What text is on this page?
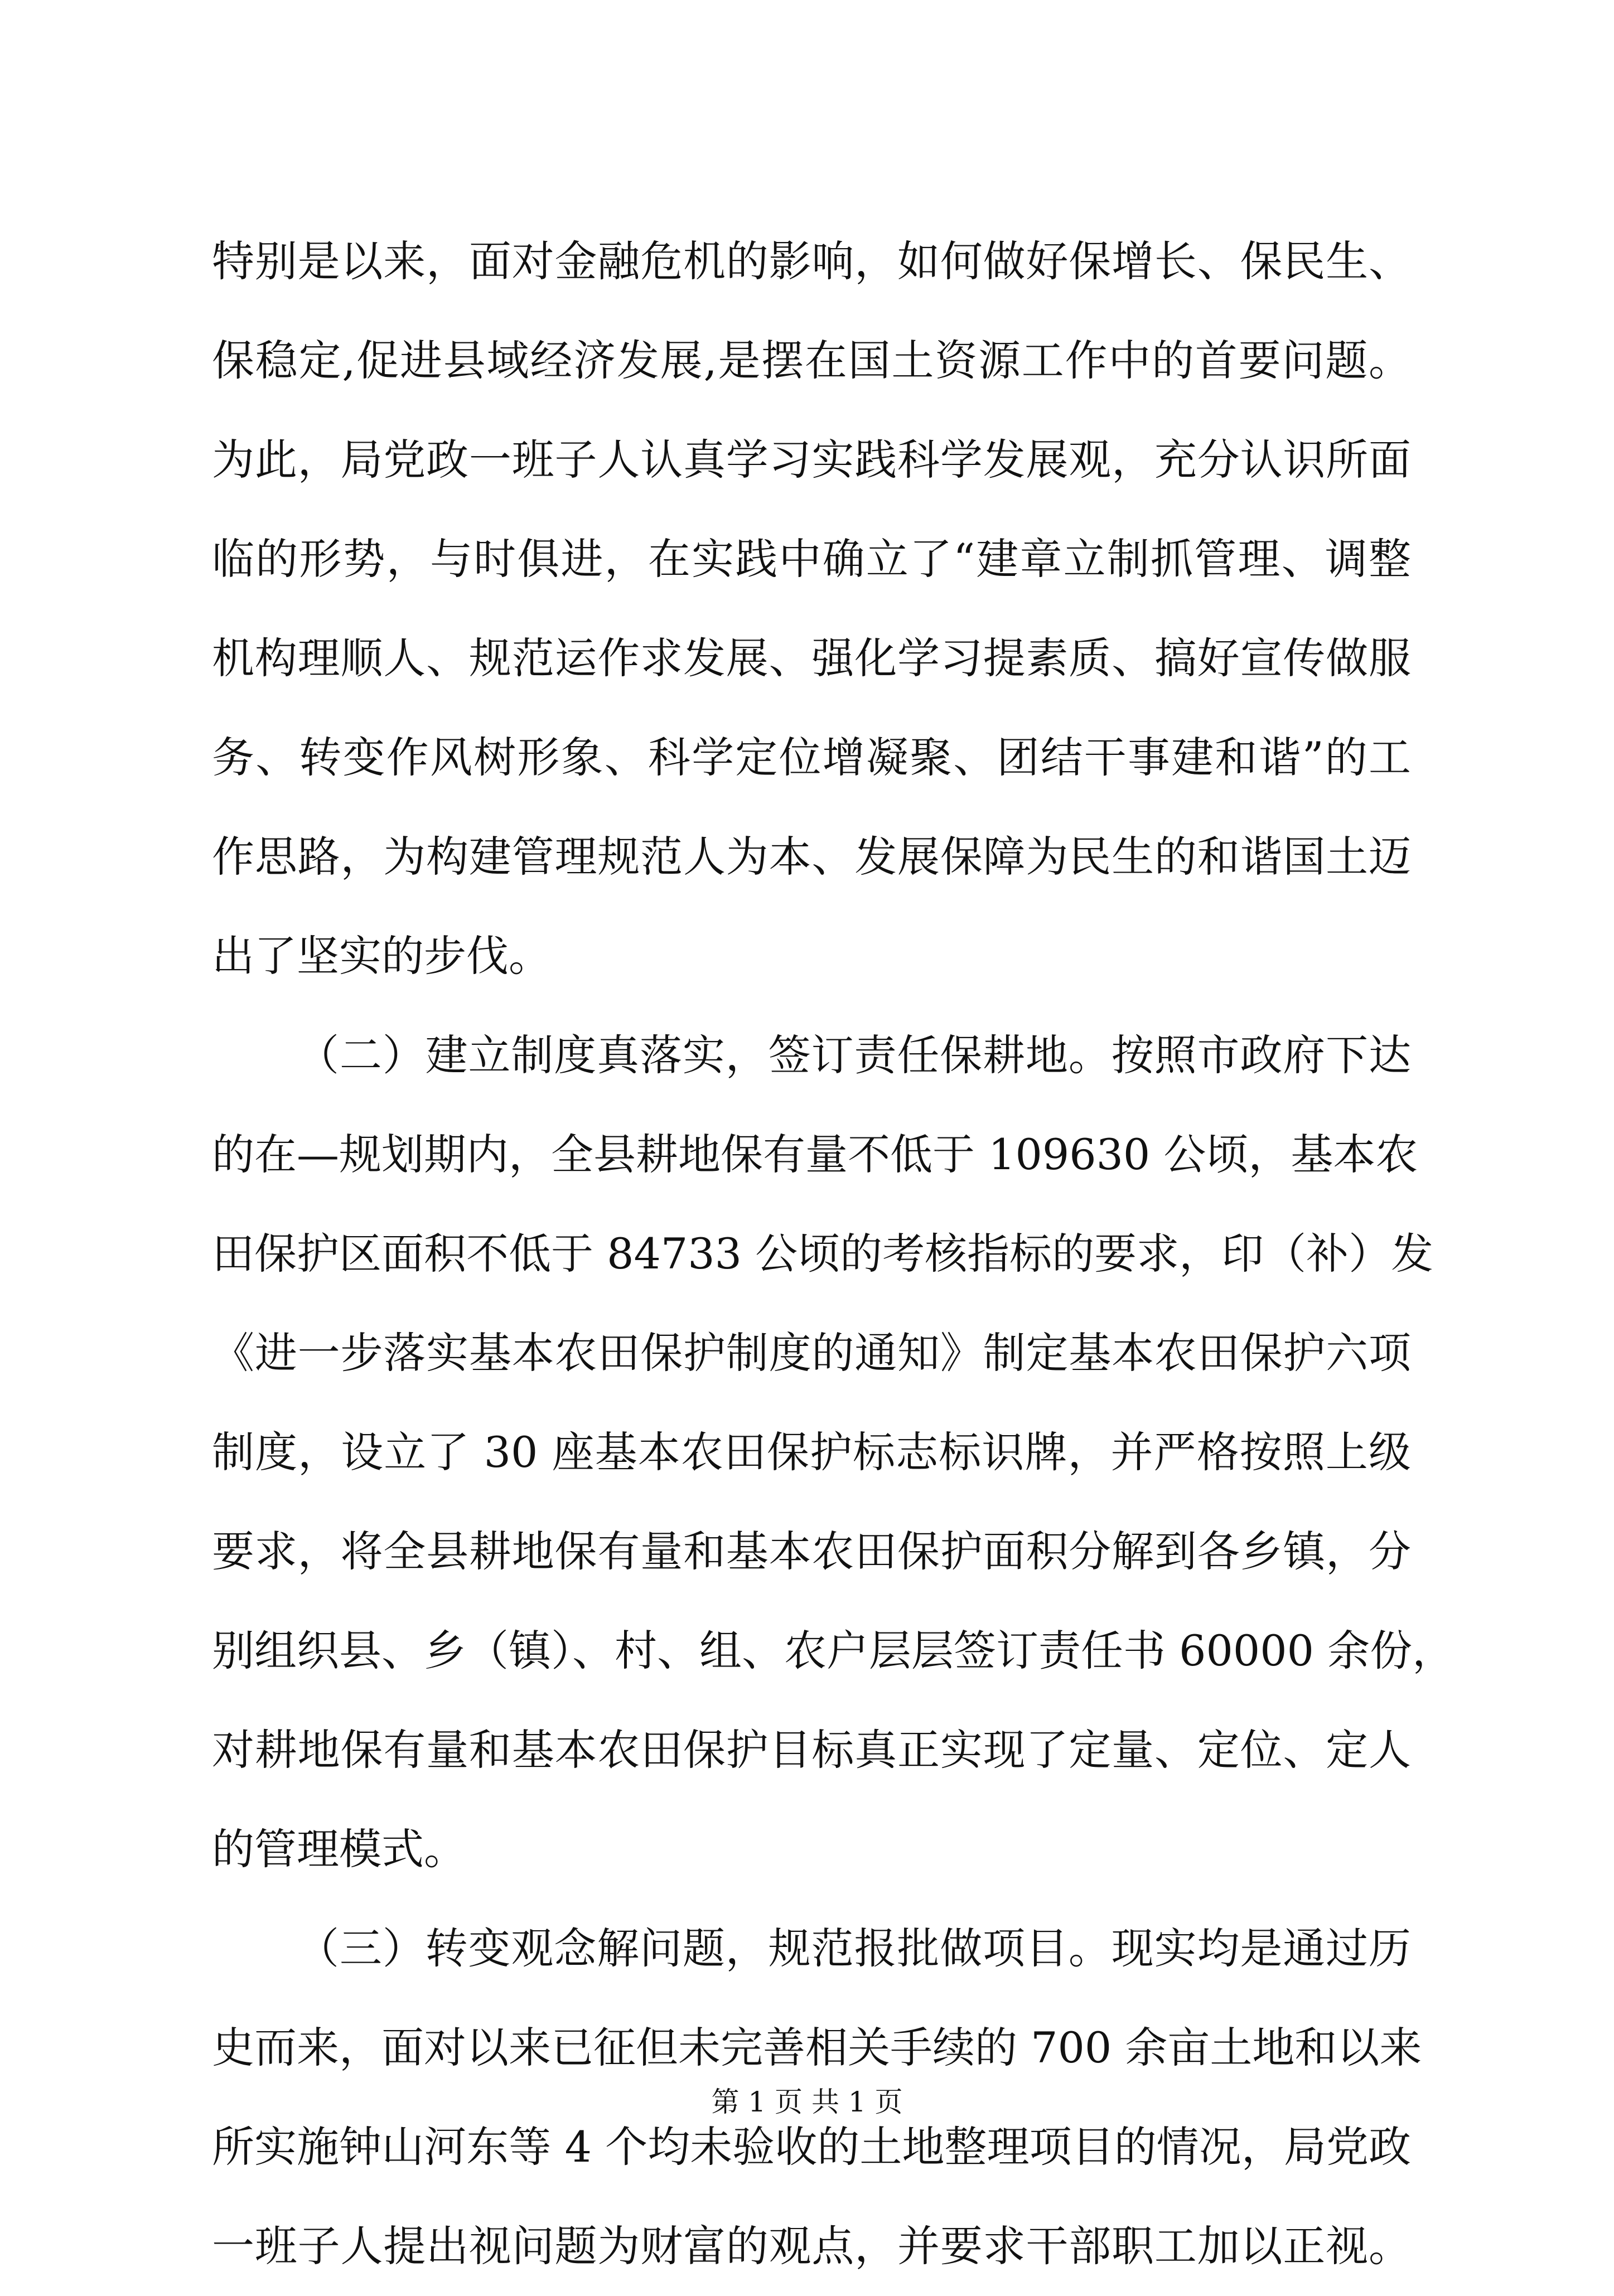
特别是以来，面对金融危机的影响，如何做好保增长、保民生、
保稳定,促进县域经济发展,是摆在国土资源工作中的首要问题。
为此，局党政一班子人认真学习实践科学发展观，充分认识所面
临的形势，与时俱进，在实践中确立了“建章立制抓管理、调整
机构理顺人、规范运作求发展、强化学习提素质、搞好宣传做服
务、转变作风树形象、科学定位增凝聚、团结干事建和谐”的工
作思路，为构建管理规范人为本、发展保障为民生的和谐国土迈
出了坚实的步伐。
（二）建立制度真落实，签订责任保耕地。按照市政府下达
的在—规划期内，全县耕地保有量不低于 109630 公顷，基本农
田保护区面积不低于 84733 公顷的考核指标的要求，印（补）发
《进一步落实基本农田保护制度的通知》制定基本农田保护六项
制度，设立了 30 座基本农田保护标志标识牌，并严格按照上级
要求，将全县耕地保有量和基本农田保护面积分解到各乡镇，分
别组织县、乡（镇）、村、组、农户层层签订责任书 60000 余份，
对耕地保有量和基本农田保护目标真正实现了定量、定位、定人
的管理模式。
（三）转变观念解问题，规范报批做项目。现实均是通过历
史而来，面对以来已征但未完善相关手续的 700 余亩土地和以来
所实施钟山河东等 4 个均未验收的土地整理项目的情况，局党政
一班子人提出视问题为财富的观点，并要求干部职工加以正视。
第 1 页 共 1 页
